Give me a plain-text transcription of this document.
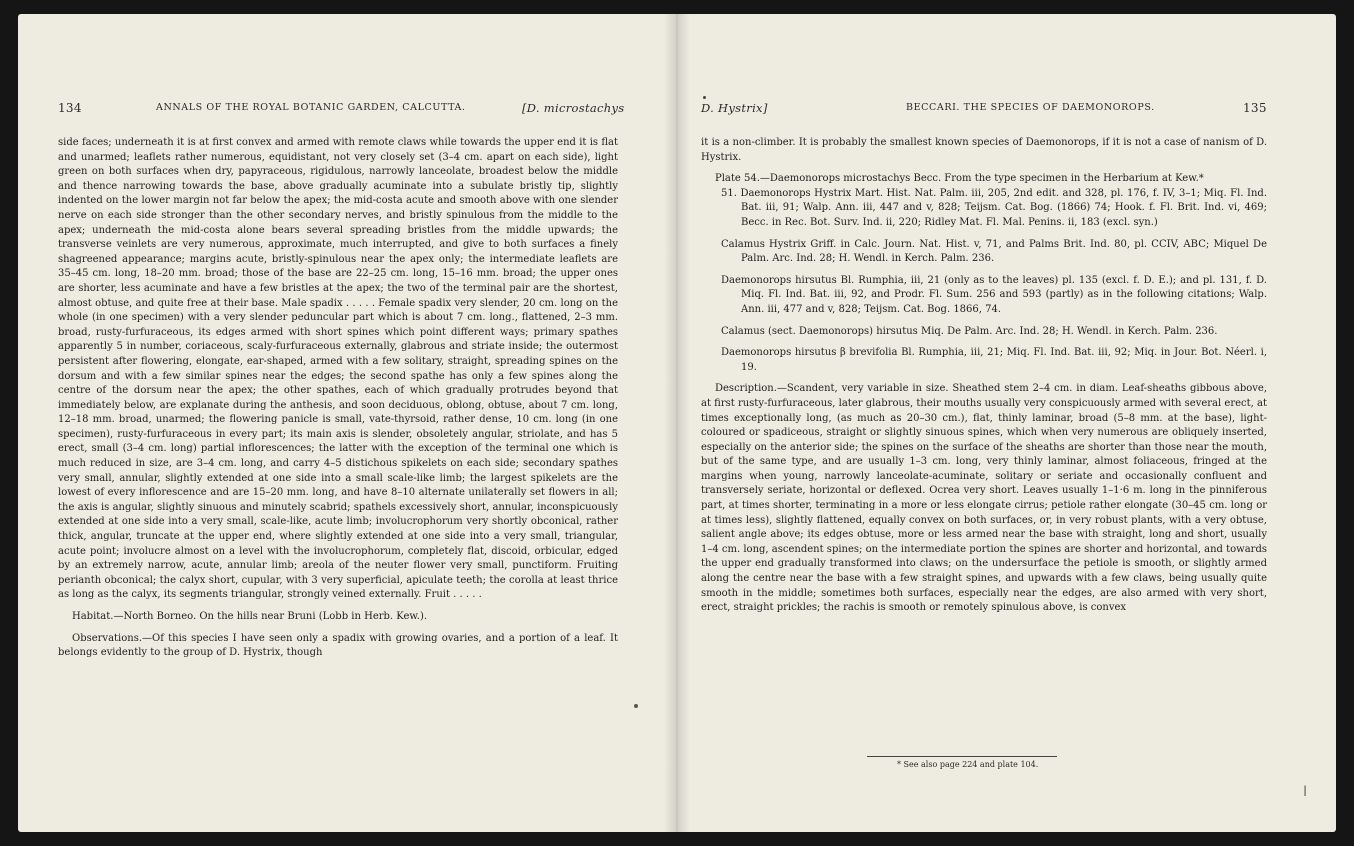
134	ANNALS OF THE ROYAL BOTANIC GARDEN, CALCUTTA.	[D. microstachys

side faces; underneath it is at first convex and armed with remote claws while towards the upper end it is flat and unarmed; leaflets rather numerous, equidistant, not very closely set (3–4 cm. apart on each side), light green on both surfaces when dry, papyraceous, rigidulous, narrowly lanceolate, broadest below the middle and thence narrowing towards the base, above gradually acuminate into a subulate bristly tip, slightly indented on the lower margin not far below the apex; the mid-costa acute and smooth above with one slender nerve on each side stronger than the other secondary nerves, and bristly spinulous from the middle to the apex; underneath the mid-costa alone bears several spreading bristles from the middle upwards; the transverse veinlets are very numerous, approximate, much interrupted, and give to both surfaces a finely shagreened appearance; margins acute, bristly-spinulous near the apex only; the intermediate leaflets are 35–45 cm. long, 18–20 mm. broad; those of the base are 22–25 cm. long, 15–16 mm. broad; the upper ones are shorter, less acuminate and have a few bristles at the apex; the two of the terminal pair are the shortest, almost obtuse, and quite free at their base. Male spadix . . . . . Female spadix very slender, 20 cm. long on the whole (in one specimen) with a very slender peduncular part which is about 7 cm. long., flattened, 2–3 mm. broad, rusty-furfuraceous, its edges armed with short spines which point different ways; primary spathes apparently 5 in number, coriaceous, scaly-furfuraceous externally, glabrous and striate inside; the outermost persistent after flowering, elongate, ear-shaped, armed with a few solitary, straight, spreading spines on the dorsum and with a few similar spines near the edges; the second spathe has only a few spines along the centre of the dorsum near the apex; the other spathes, each of which gradually protrudes beyond that immediately below, are explanate during the anthesis, and soon deciduous, oblong, obtuse, about 7 cm. long, 12–18 mm. broad, unarmed; the flowering panicle is small, vate-thyrsoid, rather dense, 10 cm. long (in one specimen), rusty-furfuraceous in every part; its main axis is slender, obsoletely angular, striolate, and has 5 erect, small (3–4 cm. long) partial inflorescences; the latter with the exception of the terminal one which is much reduced in size, are 3–4 cm. long, and carry 4–5 distichous spikelets on each side; secondary spathes very small, annular, slightly extended at one side into a small scale-like limb; the largest spikelets are the lowest of every inflorescence and are 15–20 mm. long, and have 8–10 alternate unilaterally set flowers in all; the axis is angular, slightly sinuous and minutely scabrid; spathels excessively short, annular, inconspicuously extended at one side into a very small, scale-like, acute limb; involucrophorum very shortly obconical, rather thick, angular, truncate at the upper end, where slightly extended at one side into a very small, triangular, acute point; involucre almost on a level with the involucrophorum, completely flat, discoid, orbicular, edged by an extremely narrow, acute, annular limb; areola of the neuter flower very small, punctiform. Fruiting perianth obconical; the calyx short, cupular, with 3 very superficial, apiculate teeth; the corolla at least thrice as long as the calyx, its segments triangular, strongly veined externally. Fruit . . . . .

Habitat.—North Borneo. On the hills near Bruni (Lobb in Herb. Kew.).

Observations.—Of this species I have seen only a spadix with growing ovaries, and a portion of a leaf. It belongs evidently to the group of D. Hystrix, though

D. Hystrix]	BECCARI. THE SPECIES OF DAEMONOROPS.	135

it is a non-climber. It is probably the smallest known species of Daemonorops, if it is not a case of nanism of D. Hystrix.

Plate 54.—Daemonorops microstachys Becc. From the type specimen in the Herbarium at Kew.*

51. Daemonorops Hystrix Mart. Hist. Nat. Palm. iii, 205, 2nd edit. and 328, pl. 176, f. IV, 3–1; Miq. Fl. Ind. Bat. iii, 91; Walp. Ann. iii, 447 and v, 828; Teijsm. Cat. Bog. (1866) 74; Hook. f. Fl. Brit. Ind. vi, 469; Becc. in Rec. Bot. Surv. Ind. ii, 220; Ridley Mat. Fl. Mal. Penins. ii, 183 (excl. syn.)

Calamus Hystrix Griff. in Calc. Journ. Nat. Hist. v, 71, and Palms Brit. Ind. 80, pl. CCIV, ABC; Miquel De Palm. Arc. Ind. 28; H. Wendl. in Kerch. Palm. 236.

Daemonorops hirsutus Bl. Rumphia, iii, 21 (only as to the leaves) pl. 135 (excl. f. D. E.); and pl. 131, f. D. Miq. Fl. Ind. Bat. iii, 92, and Prodr. Fl. Sum. 256 and 593 (partly) as in the following citations; Walp. Ann. iii, 477 and v, 828; Teijsm. Cat. Bog. 1866, 74.

Calamus (sect. Daemonorops) hirsutus Miq. De Palm. Arc. Ind. 28; H. Wendl. in Kerch. Palm. 236.

Daemonorops hirsutus β brevifolia Bl. Rumphia, iii, 21; Miq. Fl. Ind. Bat. iii, 92; Miq. in Jour. Bot. Néerl. i, 19.

Description.—Scandent, very variable in size. Sheathed stem 2–4 cm. in diam. Leaf-sheaths gibbous above, at first rusty-furfuraceous, later glabrous, their mouths usually very conspicuously armed with several erect, at times exceptionally long, (as much as 20–30 cm.), flat, thinly laminar, broad (5–8 mm. at the base), light-coloured or spadiceous, straight or slightly sinuous spines, which when very numerous are obliquely inserted, especially on the anterior side; the spines on the surface of the sheaths are shorter than those near the mouth, but of the same type, and are usually 1–3 cm. long, very thinly laminar, almost foliaceous, fringed at the margins when young, narrowly lanceolate-acuminate, solitary or seriate and occasionally confluent and transversely seriate, horizontal or deflexed. Ocrea very short. Leaves usually 1–1·6 m. long in the pinniferous part, at times shorter, terminating in a more or less elongate cirrus; petiole rather elongate (30–45 cm. long or at times less), slightly flattened, equally convex on both surfaces, or, in very robust plants, with a very obtuse, salient angle above; its edges obtuse, more or less armed near the base with straight, long and short, usually 1–4 cm. long, ascendent spines; on the intermediate portion the spines are shorter and horizontal, and towards the upper end gradually transformed into claws; on the undersurface the petiole is smooth, or slightly armed along the centre near the base with a few straight spines, and upwards with a few claws, being usually quite smooth in the middle; sometimes both surfaces, especially near the edges, are also armed with very short, erect, straight prickles; the rachis is smooth or remotely spinulous above, is convex

* See also page 224 and plate 104.
ǀ
